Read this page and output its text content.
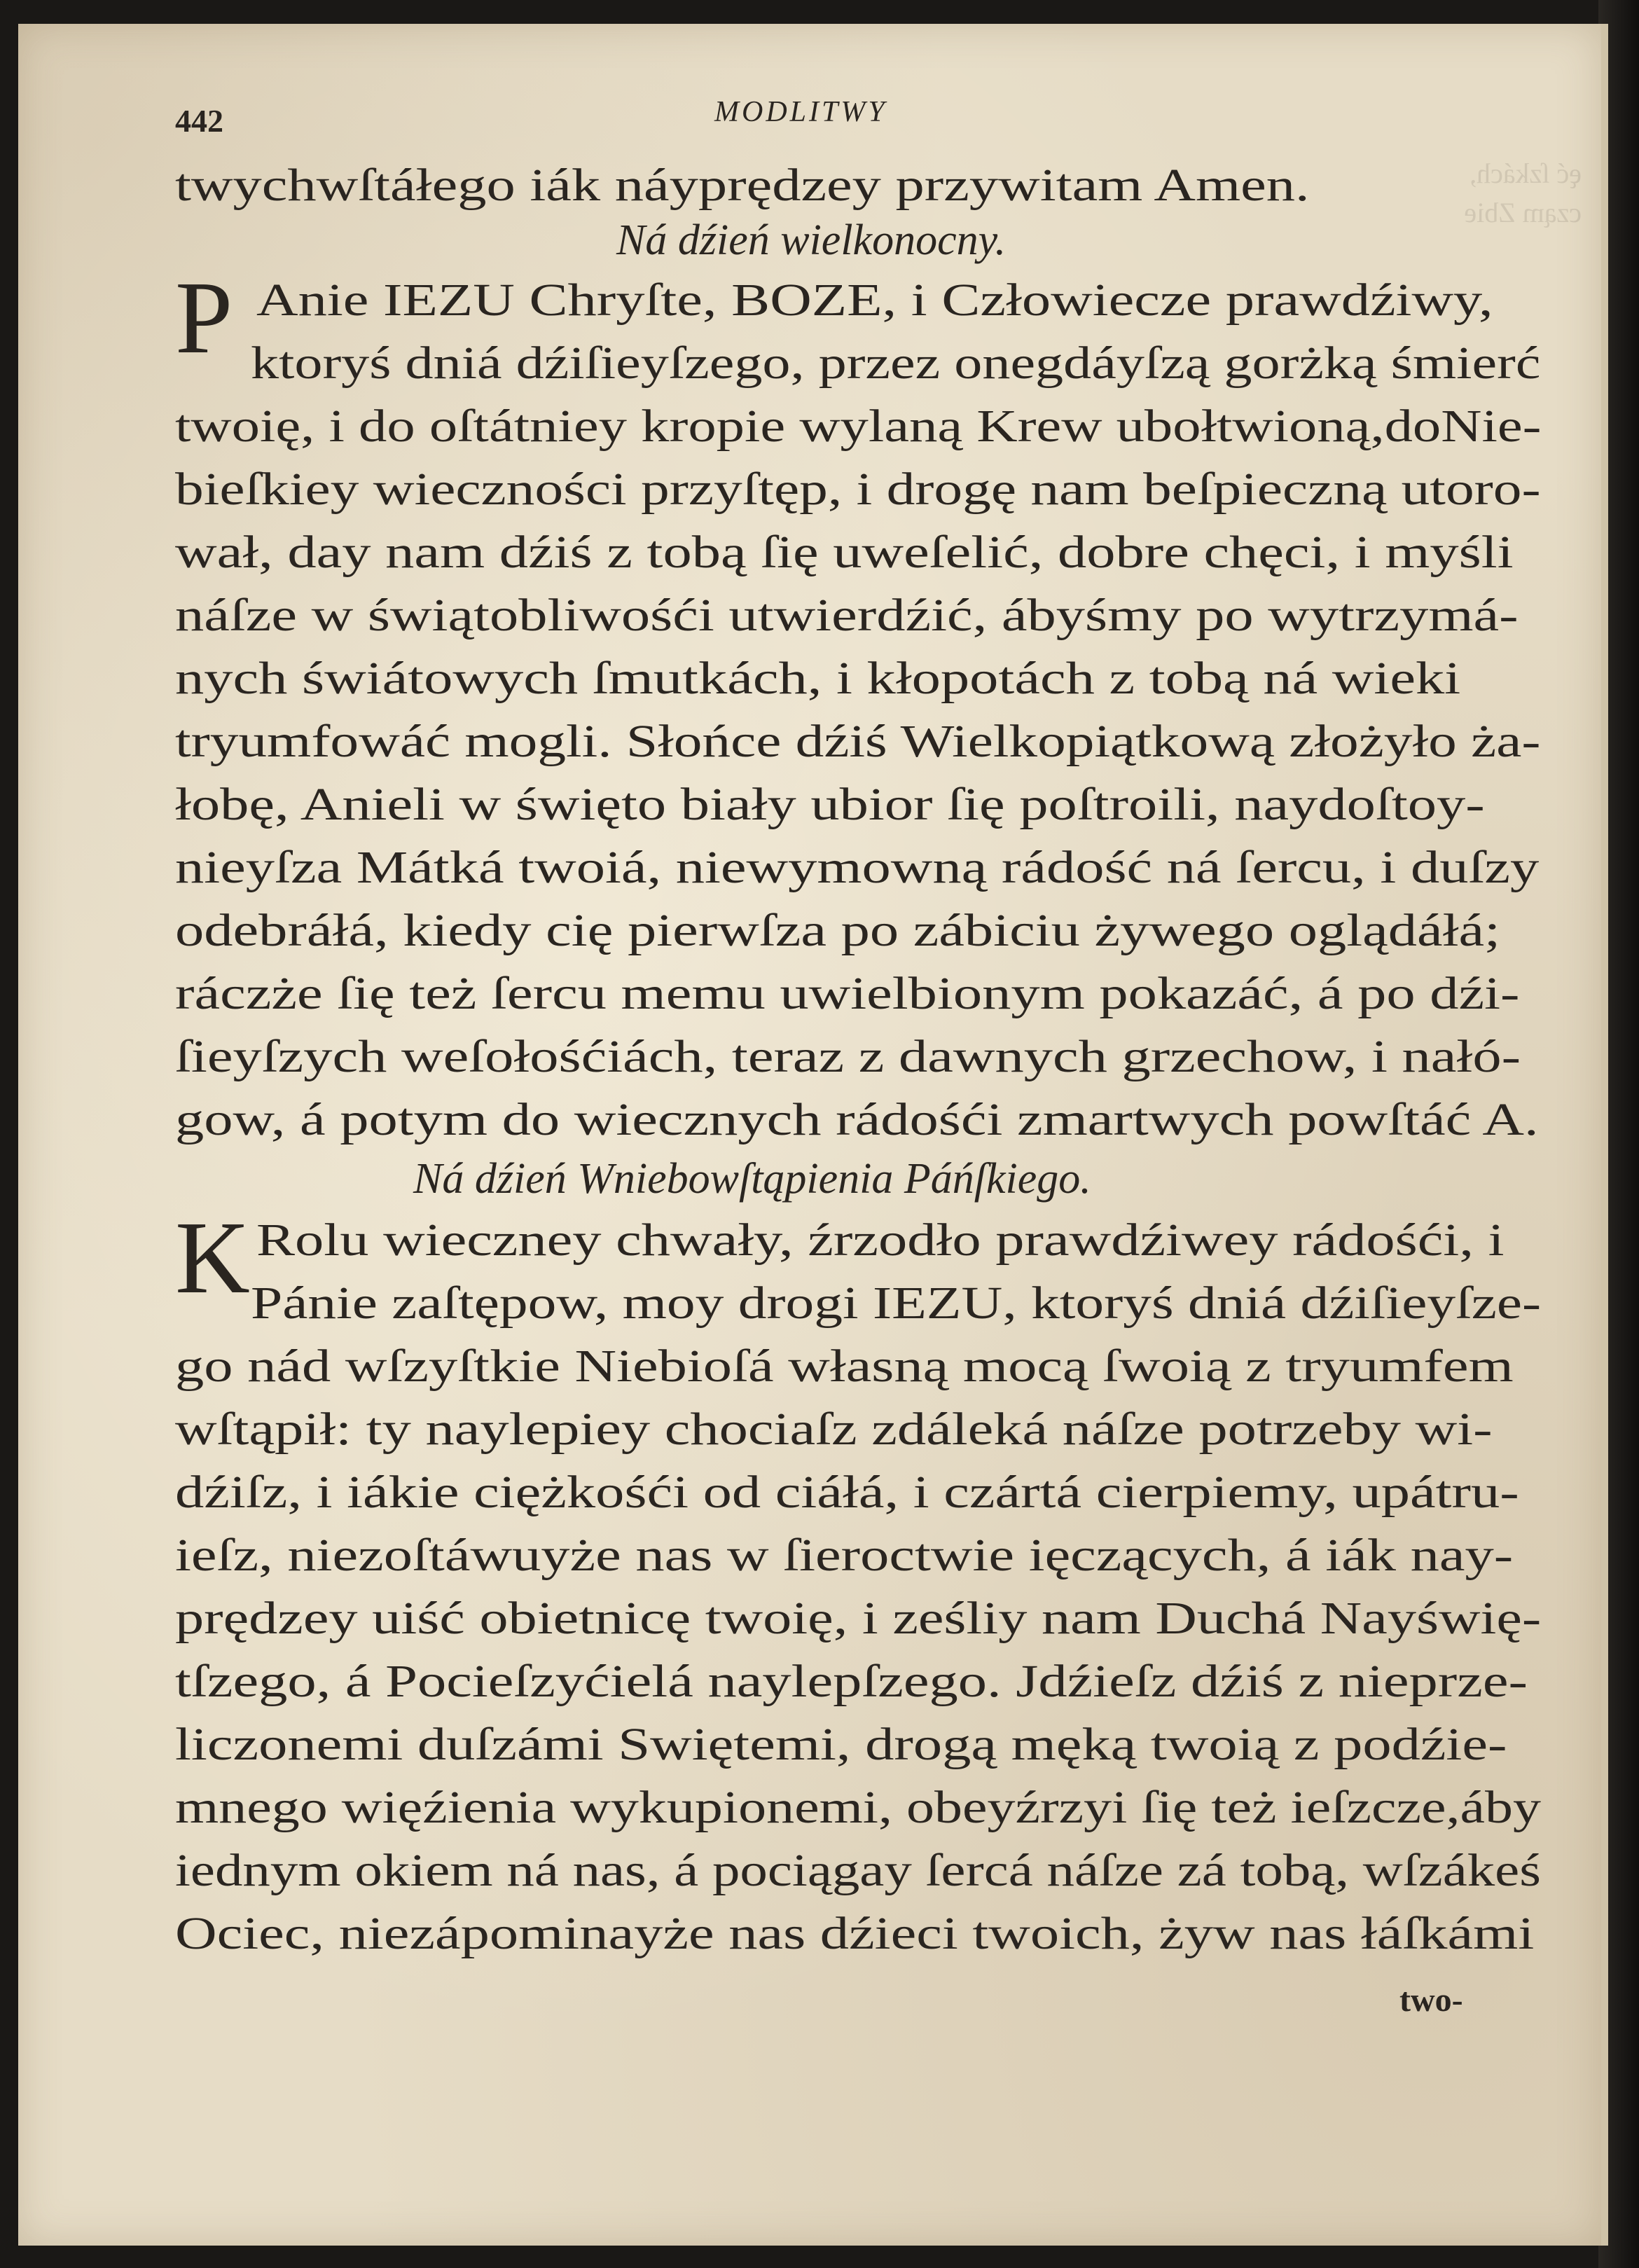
ęć ſzkách,
cząm Zbie
442	MODLITWY
twychwſtáłego iák náyprędzey przywitam Amen.
Ná dźień wielkonocny.
P Anie IEZU Chryſte, BOZE, i Człowiecze prawdźiwy,
ktoryś dniá dźiſieyſzego, przez onegdáyſzą gorżką śmierć
twoię, i do oſtátniey kropie wylaną Krew ubołtwioną,doNie-
bieſkiey wieczności przyſtęp, i drogę nam beſpieczną utoro-
wał, day nam dźiś z tobą ſię uweſelić, dobre chęci, i myśli
náſze w świątobliwośći utwierdźić, ábyśmy po wytrzymá-
nych świátowych ſmutkách, i kłopotách z tobą ná wieki
tryumfowáć mogli. Słońce dźiś Wielkopiątkową złożyło ża-
łobę, Anieli w święto biały ubior ſię poſtroili, naydoſtoy-
nieyſza Mátká twoiá, niewymowną rádość ná ſercu, i duſzy
odebráłá, kiedy cię pierwſza po zábiciu żywego oglądáłá;
ráczże ſię też ſercu memu uwielbionym pokazáć, á po dźi-
ſieyſzych weſołośćiách, teraz z dawnych grzechow, i nałó-
gow, á potym do wiecznych rádośći zmartwych powſtáć A.
Ná dźień Wniebowſtąpienia Páńſkiego.
K Rolu wieczney chwały, źrzodło prawdźiwey rádośći, i
Pánie zaſtępow, moy drogi IEZU, ktoryś dniá dźiſieyſze-
go nád wſzyſtkie Niebioſá własną mocą ſwoią z tryumfem
wſtąpił: ty naylepiey chociaſz zdáleká náſze potrzeby wi-
dźiſz, i iákie ciężkośći od ciáłá, i czártá cierpiemy, upátru-
ieſz, niezoſtáwuyże nas w ſieroctwie ięczących, á iák nay-
prędzey uiść obietnicę twoię, i ześliy nam Duchá Nayświę-
tſzego, á Pocieſzyćielá naylepſzego. Jdźieſz dźiś z nieprze-
liczonemi duſzámi Swiętemi, drogą męką twoią z podźie-
mnego więźienia wykupionemi, obeyźrzyi ſię też ieſzcze,áby
iednym okiem ná nas, á pociągay ſercá náſze zá tobą, wſzákeś
Ociec, niezápominayże nas dźieci twoich, żyw nas łáſkámi
two-
